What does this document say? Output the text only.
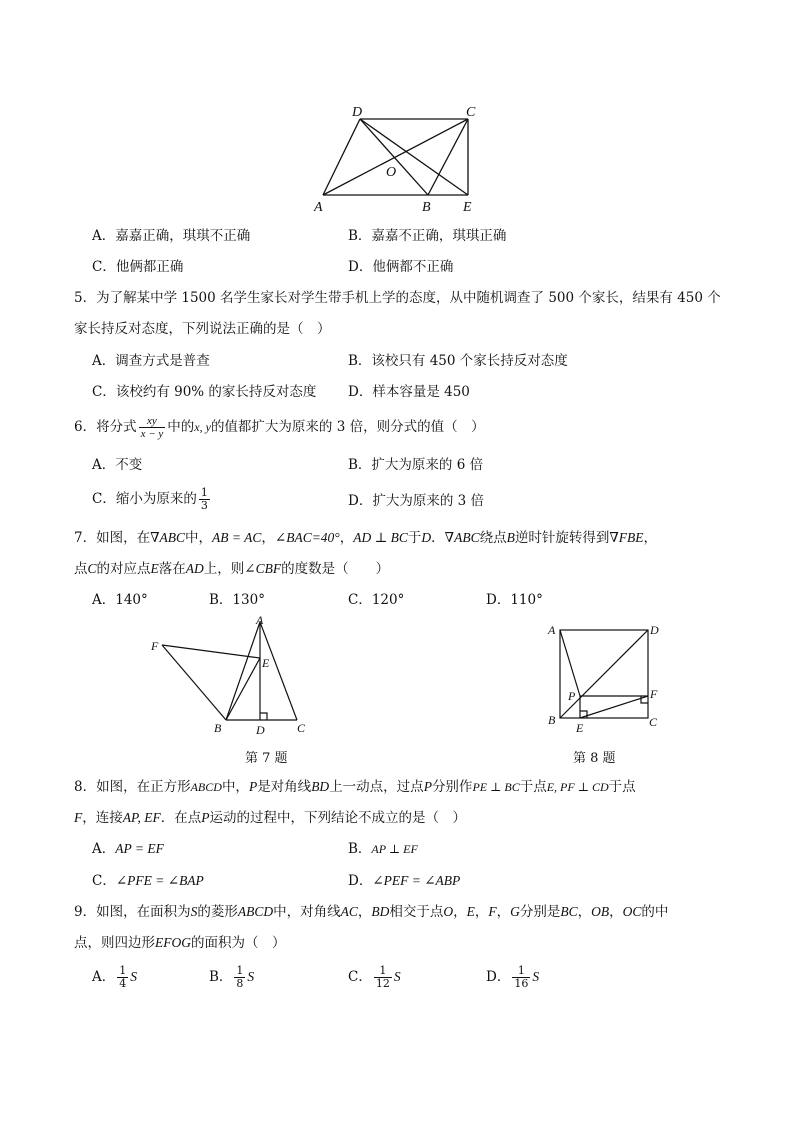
D	C
O
A	B E
A．嘉嘉正确，琪琪不正确	B．嘉嘉不正确，琪琪正确
C．他俩都正确	D．他俩都不正确
5．为了解某中学 1500 名学生家长对学生带手机上学的态度，从中随机调查了 500 个家长，结果有 450 个
家长持反对态度，下列说法正确的是（　）
A．调查方式是普查	B．该校只有 450 个家长持反对态度
C．该校约有 90% 的家长持反对态度 D．样本容量是 450
6．将分式 $\frac{xy}{x - y}$ 中的x, y的值都扩大为原来的 3 倍，则分式的值（　）
A．不变	B．扩大为原来的 6 倍
C．缩小为原来的 $\frac{1}{3}$	D．扩大为原来的 3 倍
7．如图，在∇ABC中，AB = AC，∠BAC=40°，AD ⊥ BC于D．∇ABC绕点B逆时针旋转得到∇FBE，
点C的对应点E落在AD上，则∠CBF的度数是（　　）
A．140°	B．130°	C．120°	D．110°
A
F
E
B	D	C
第 7 题
A	D
P	F
B
E	C
第 8 题
8．如图，在正方形ABCD中，P是对角线BD上一动点，过点P分别作PE ⊥ BC于点E, PF ⊥ CD于点
F，连接AP, EF．在点P运动的过程中，下列结论不成立的是（　）
A．AP = EF	B．AP ⊥ EF
C．∠PFE = ∠BAP	D．∠PEF = ∠ABP
9．如图，在面积为S的菱形ABCD中，对角线AC，BD相交于点O，E，F，G分别是BC，OB，OC的中
点，则四边形EFOG的面积为（　）
A． $\frac{1}{4}$ S	B． $\frac{1}{8}$ S	C． $\frac{1}{12}$ S	D． $\frac{1}{16}$ S
